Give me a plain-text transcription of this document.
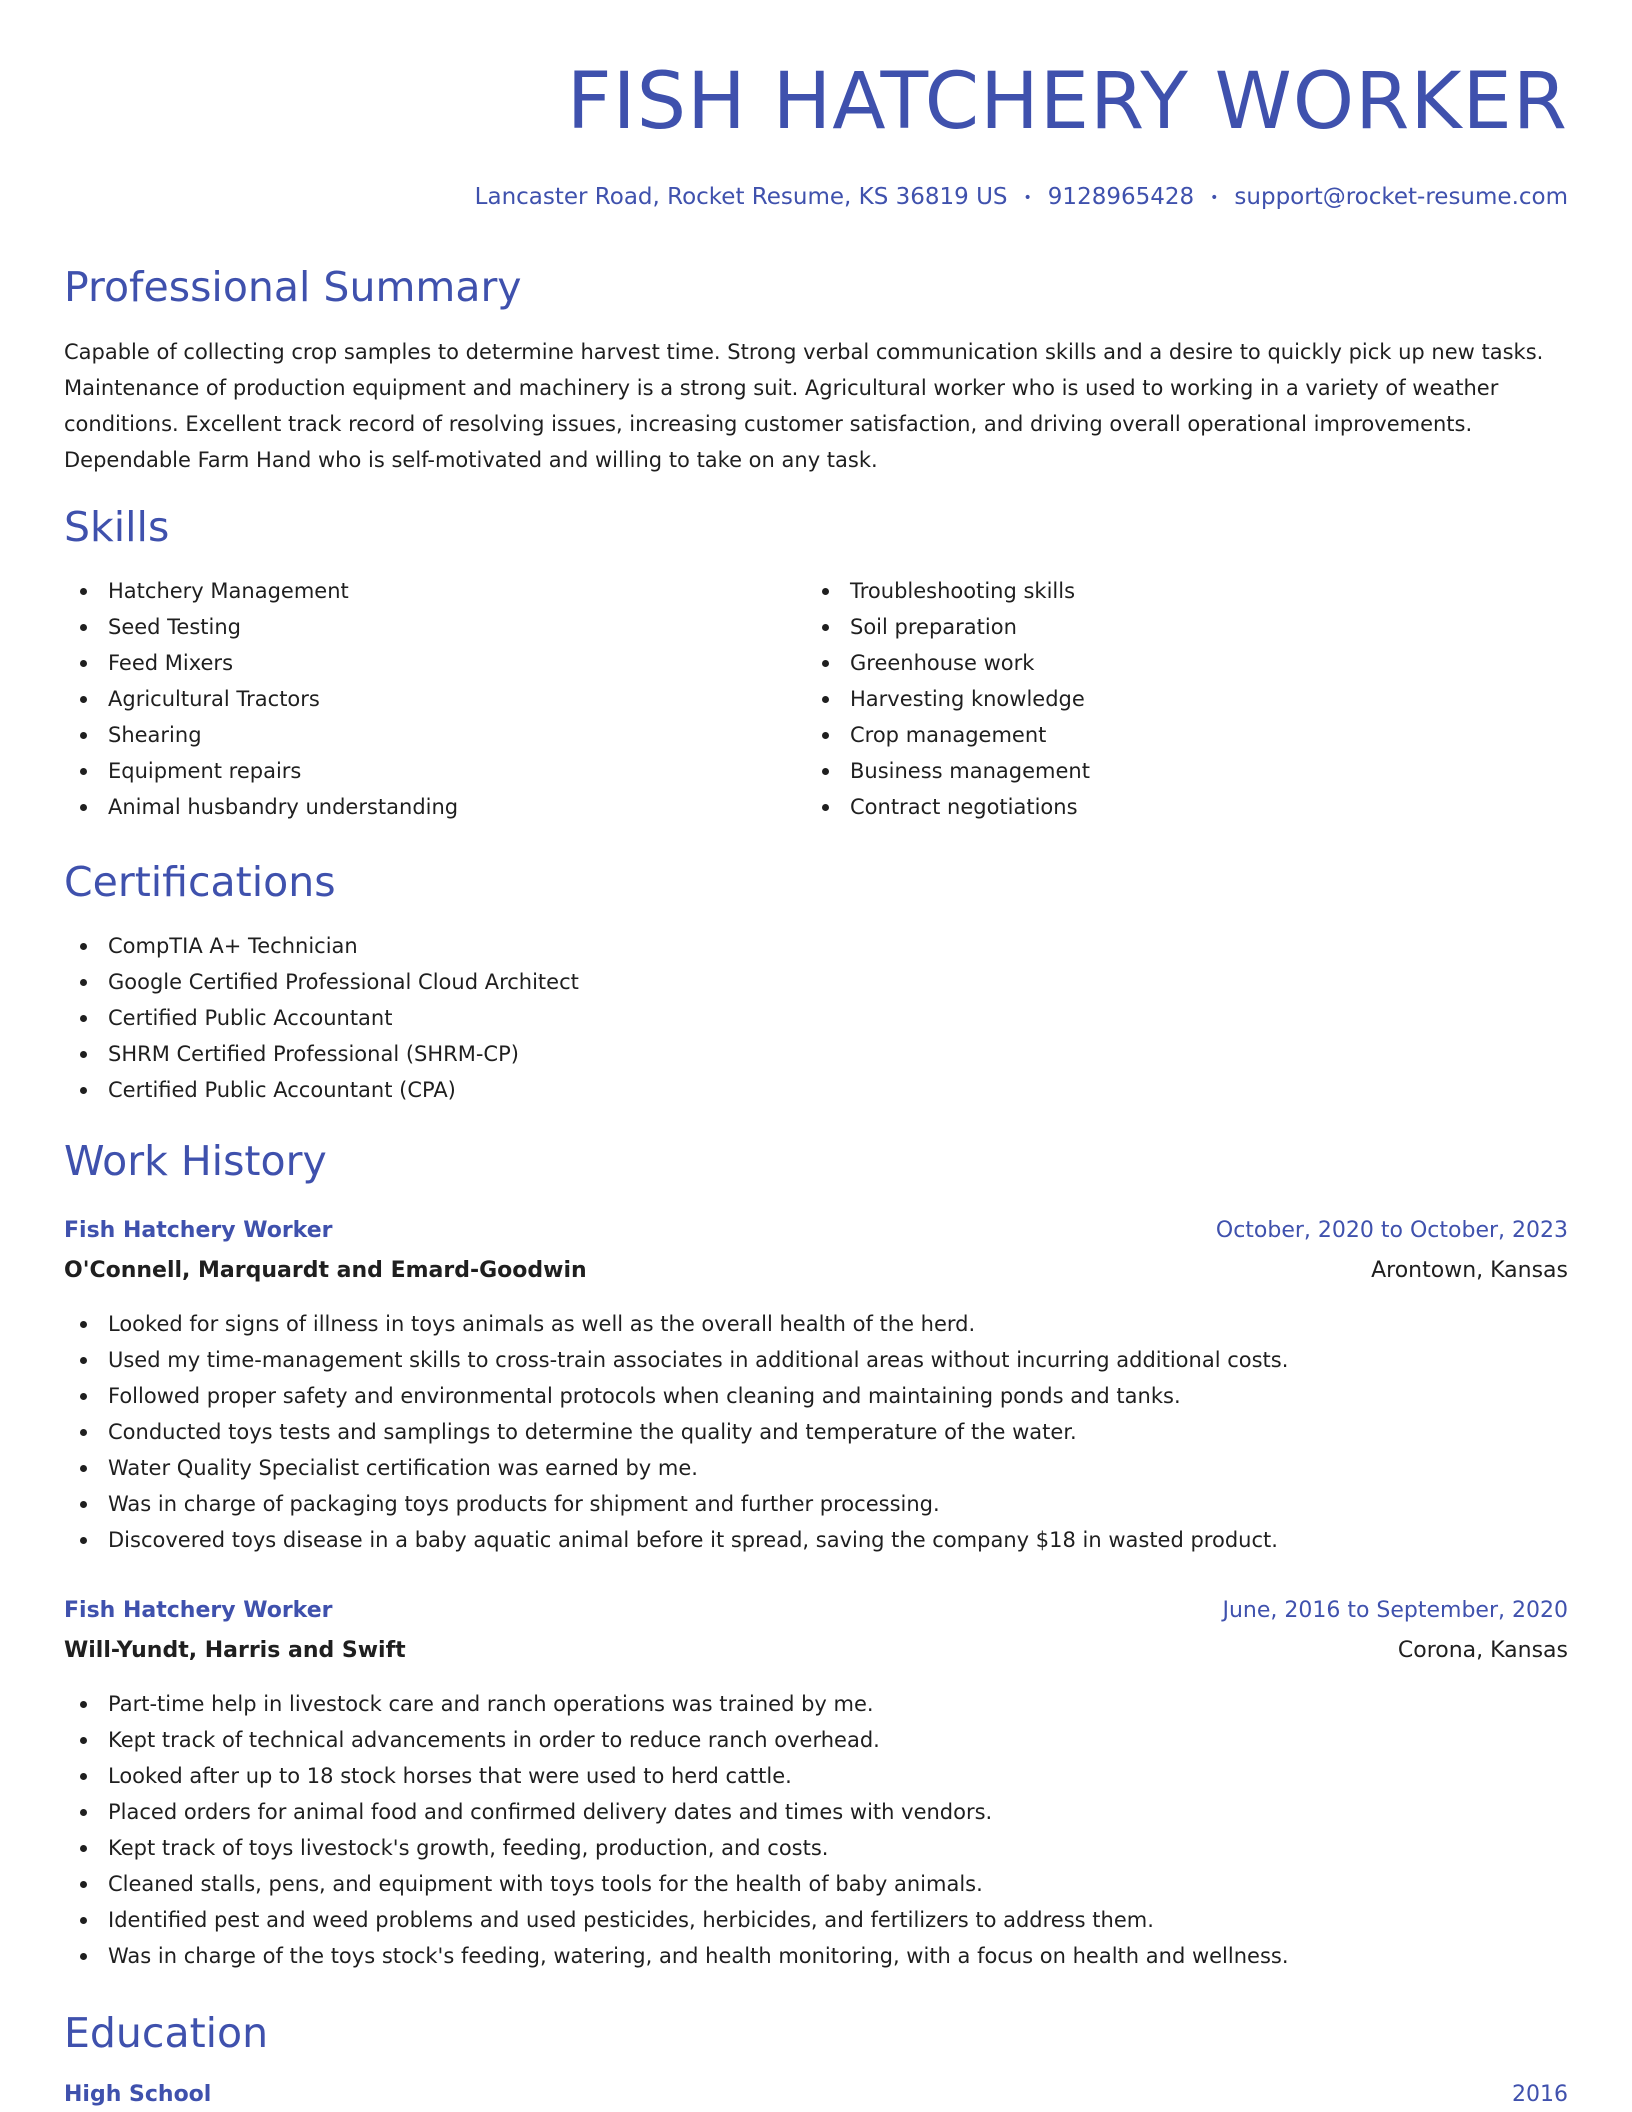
FISH HATCHERY WORKER
Lancaster Road, Rocket Resume, KS 36819 US • 9128965428 • support@rocket-resume.com
Professional Summary

Capable of collecting crop samples to determine harvest time. Strong verbal communication skills and a desire to quickly pick up new tasks. Maintenance of production equipment and machinery is a strong suit. Agricultural worker who is used to working in a variety of weather conditions. Excellent track record of resolving issues, increasing customer satisfaction, and driving overall operational improvements. Dependable Farm Hand who is self-motivated and willing to take on any task.

Skills
Hatchery Management
Seed Testing
Feed Mixers
Agricultural Tractors
Shearing
Equipment repairs
Animal husbandry understanding
Troubleshooting skills
Soil preparation
Greenhouse work
Harvesting knowledge
Crop management
Business management
Contract negotiations
Certifications
CompTIA A+ Technician
Google Certified Professional Cloud Architect
Certified Public Accountant
SHRM Certified Professional (SHRM-CP)
Certified Public Accountant (CPA)
Work History
Fish Hatchery Worker	October, 2020 to October, 2023
O'Connell, Marquardt and Emard-Goodwin	Arontown, Kansas
Looked for signs of illness in toys animals as well as the overall health of the herd.
Used my time-management skills to cross-train associates in additional areas without incurring additional costs.
Followed proper safety and environmental protocols when cleaning and maintaining ponds and tanks.
Conducted toys tests and samplings to determine the quality and temperature of the water.
Water Quality Specialist certification was earned by me.
Was in charge of packaging toys products for shipment and further processing.
Discovered toys disease in a baby aquatic animal before it spread, saving the company $18 in wasted product.
Fish Hatchery Worker	June, 2016 to September, 2020
Will-Yundt, Harris and Swift	Corona, Kansas
Part-time help in livestock care and ranch operations was trained by me.
Kept track of technical advancements in order to reduce ranch overhead.
Looked after up to 18 stock horses that were used to herd cattle.
Placed orders for animal food and confirmed delivery dates and times with vendors.
Kept track of toys livestock's growth, feeding, production, and costs.
Cleaned stalls, pens, and equipment with toys tools for the health of baby animals.
Identified pest and weed problems and used pesticides, herbicides, and fertilizers to address them.
Was in charge of the toys stock's feeding, watering, and health monitoring, with a focus on health and wellness.
Education
High School	2016
